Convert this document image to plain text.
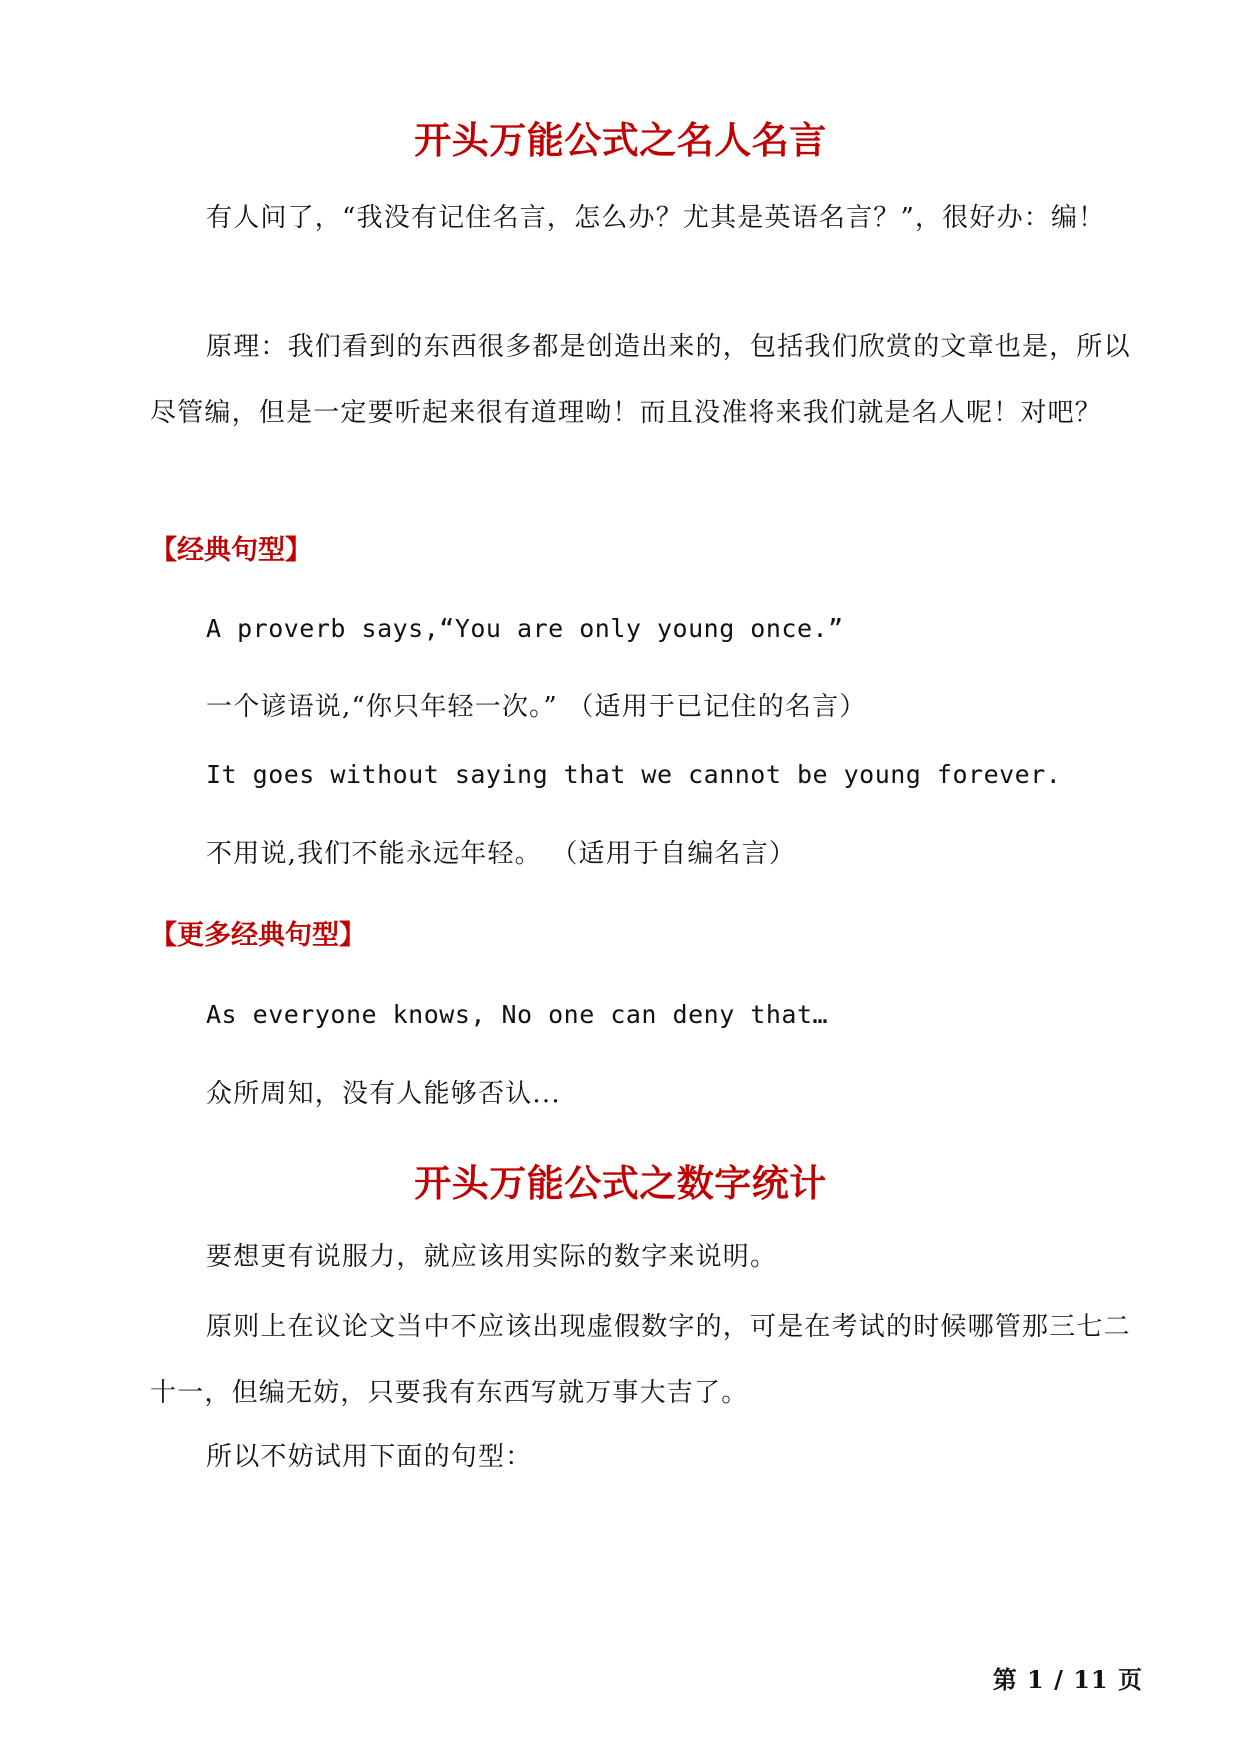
开头万能公式之名人名言
有人问了，“我没有记住名言，怎么办？尤其是英语名言？”，很好办：编！
原理：我们看到的东西很多都是创造出来的，包括我们欣赏的文章也是，所以尽管编，但是一定要听起来很有道理呦！而且没准将来我们就是名人呢！对吧？
【经典句型】
A proverb says,“You are only young once.”
一个谚语说,“你只年轻一次。” （适用于已记住的名言）
It goes without saying that we cannot be young forever.
不用说,我们不能永远年轻。 （适用于自编名言）
【更多经典句型】
As everyone knows, No one can deny that…
众所周知，没有人能够否认...
开头万能公式之数字统计
要想更有说服力，就应该用实际的数字来说明。
原则上在议论文当中不应该出现虚假数字的，可是在考试的时候哪管那三七二十一，但编无妨，只要我有东西写就万事大吉了。
所以不妨试用下面的句型：
第 1 / 11 页
